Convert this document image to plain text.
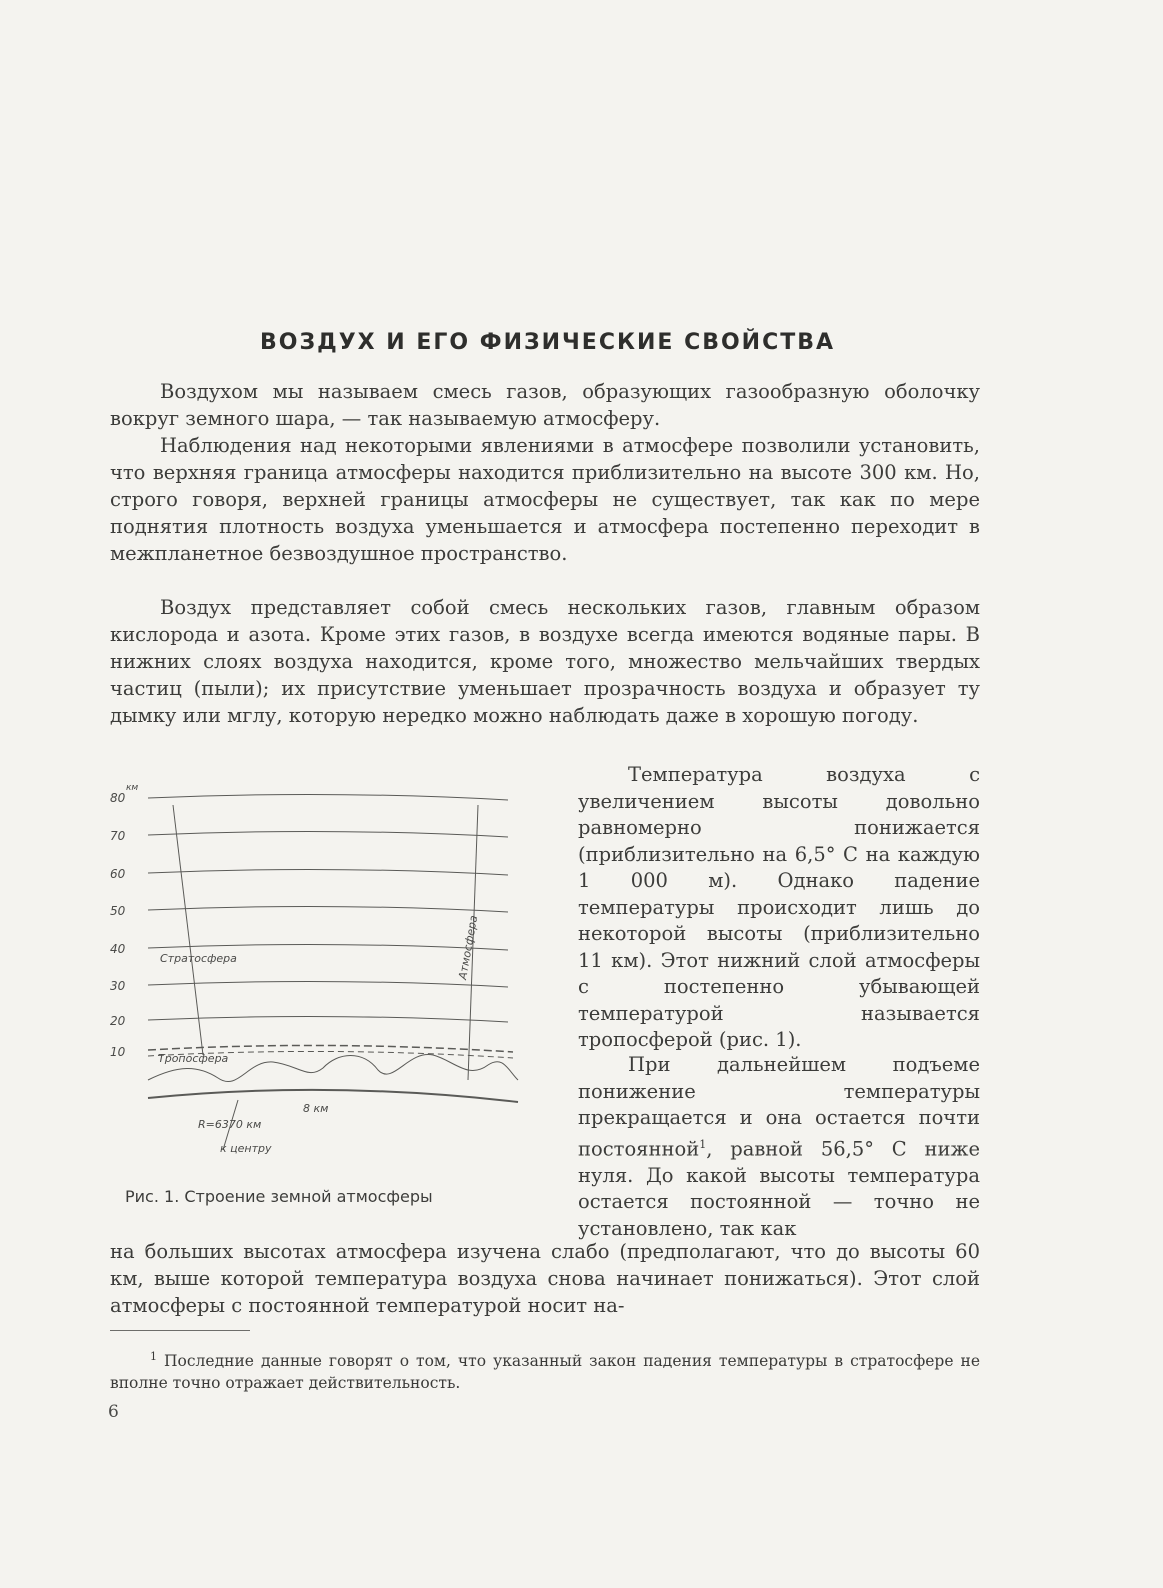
ВОЗДУХ И ЕГО ФИЗИЧЕСКИЕ СВОЙСТВА
Воздухом мы называем смесь газов, образующих газообразную оболочку вокруг земного шара, — так называемую атмосферу.
Наблюдения над некоторыми явлениями в атмосфере позволили установить, что верхняя граница атмосферы находится приблизительно на высоте 300 км. Но, строго говоря, верхней границы атмосферы не существует, так как по мере поднятия плотность воздуха уменьшается и атмосфера постепенно переходит в межпланетное безвоздушное пространство.
Воздух представляет собой смесь нескольких газов, главным образом кислорода и азота. Кроме этих газов, в воздухе всегда имеются водяные пары. В нижних слоях воздуха находится, кроме того, множество мельчайших твердых частиц (пыли); их присутствие уменьшает прозрачность воздуха и образует ту дымку или мглу, которую нередко можно наблюдать даже в хорошую погоду.
Температура воздуха с увеличением высоты довольно равномерно понижается (приблизительно на 6,5° С на каждую 1 000 м). Однако падение температуры происходит лишь до некоторой высоты (приблизительно 11 км). Этот нижний слой атмосферы с постепенно убывающей температурой называется тропосферой (рис. 1).
При дальнейшем подъеме понижение температуры прекращается и она остается почти постоянной$^1$, равной 56,5° С ниже нуля. До какой высоты температура остается постоянной — точно не установлено, так как
на больших высотах атмосфера изучена слабо (предполагают, что до высоты 60 км, выше которой температура воздуха снова начинает понижаться). Этот слой атмосферы с постоянной температурой носит на-
км
80
70
60
50
40
30
20
10
Стратосфера
Тропосфера
Атмосфера
R=6370 км
к центру
8 км
Рис. 1. Строение земной атмосферы
$^1$ Последние данные говорят о том, что указанный закон падения температуры в стратосфере не вполне точно отражает действительность.
6
